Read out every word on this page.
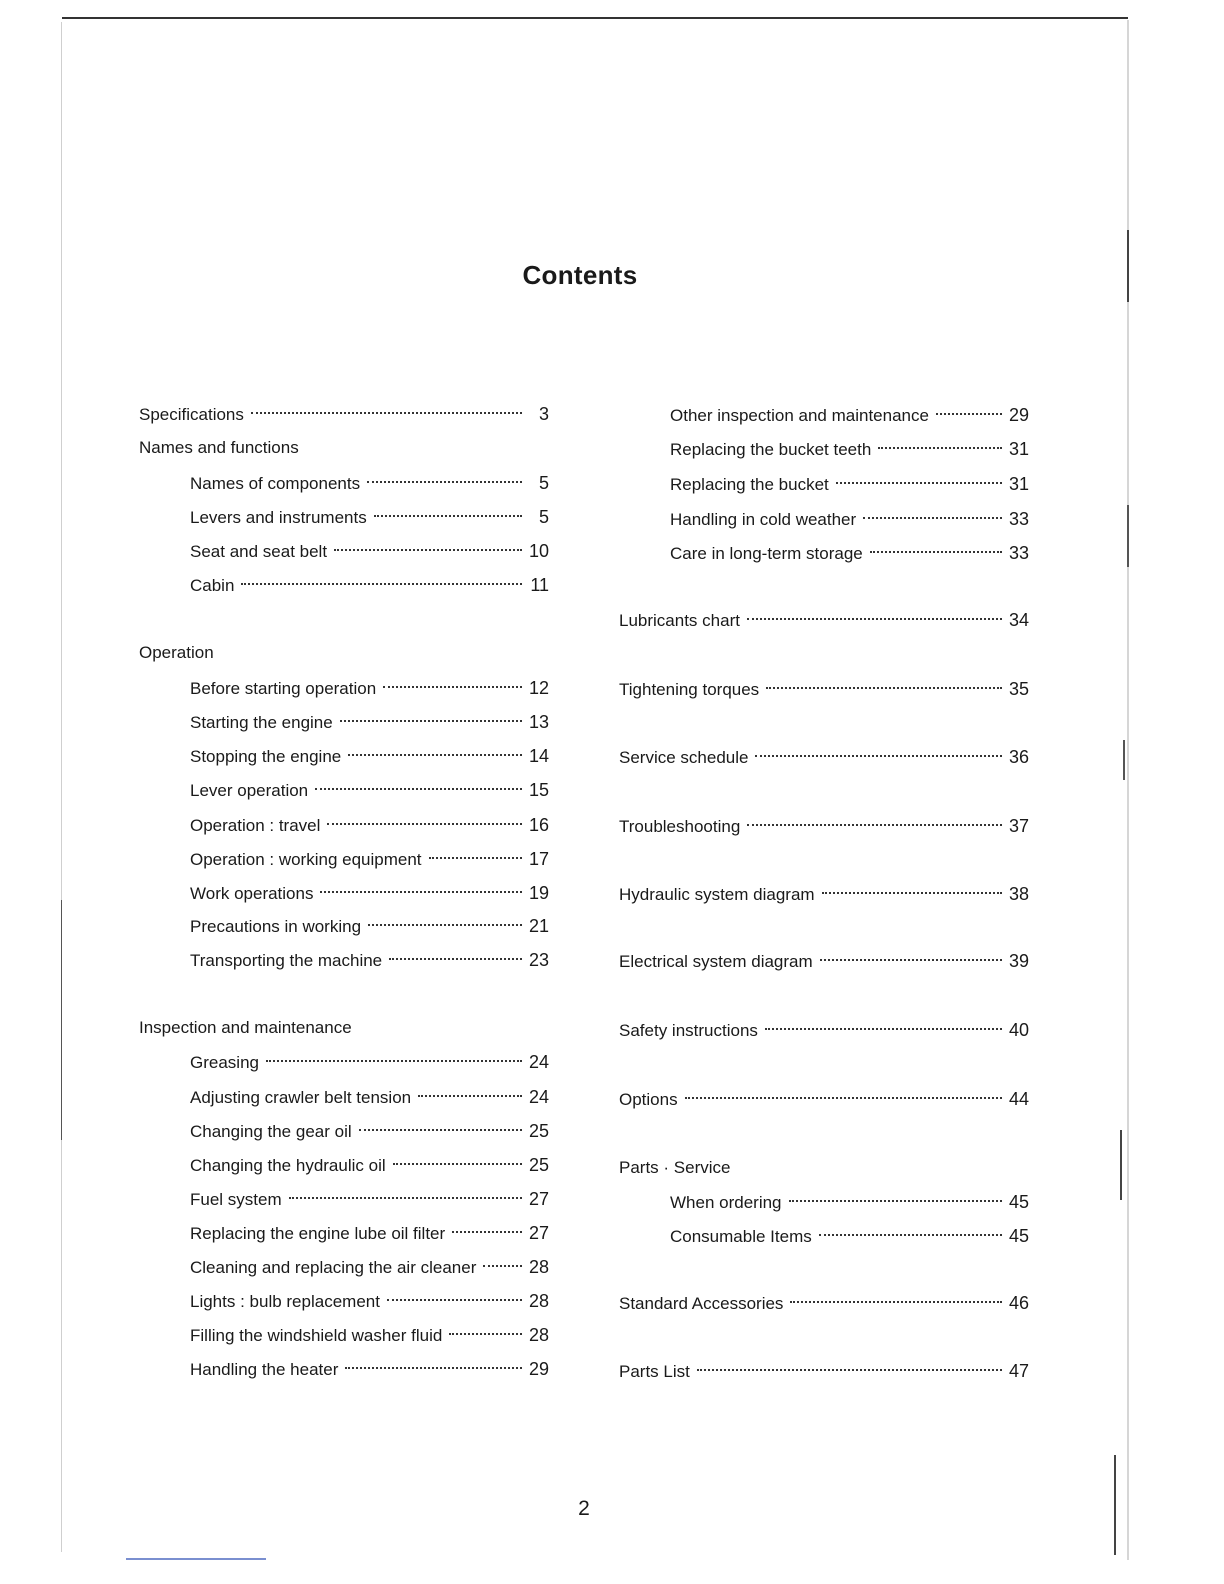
Contents
Specifications	3
Names and functions
Names of components	5
Levers and instruments	5
Seat and seat belt	10
Cabin	11
Operation
Before starting operation	12
Starting the engine	13
Stopping the engine	14
Lever operation	15
Operation : travel	16
Operation : working equipment	17
Work operations	19
Precautions in working	21
Transporting the machine	23
Inspection and maintenance
Greasing	24
Adjusting crawler belt tension	24
Changing the gear oil	25
Changing the hydraulic oil	25
Fuel system	27
Replacing the engine lube oil filter	27
Cleaning and replacing the air cleaner	28
Lights : bulb replacement	28
Filling the windshield washer fluid	28
Handling the heater	29
Other inspection and maintenance	29
Replacing the bucket teeth	31
Replacing the bucket	31
Handling in cold weather	33
Care in long-term storage	33
Lubricants chart	34
Tightening torques	35
Service schedule	36
Troubleshooting	37
Hydraulic system diagram	38
Electrical system diagram	39
Safety instructions	40
Options	44
Parts · Service
When ordering	45
Consumable Items	45
Standard Accessories	46
Parts List	47
2
